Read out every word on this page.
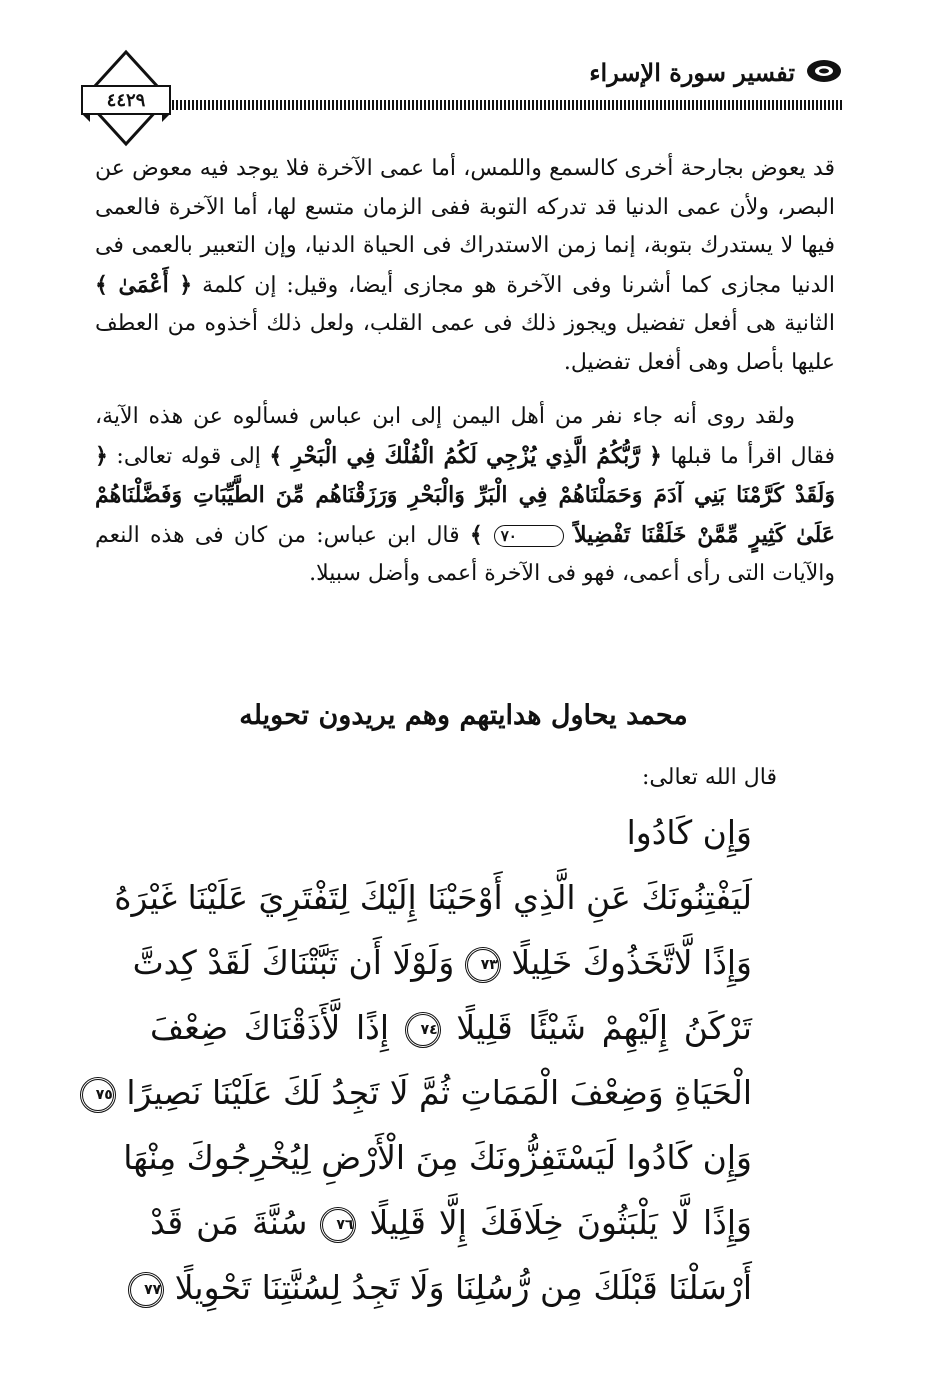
تفسير سورة الإسراء
٤٤٢٩

قد يعوض بجارحة أخرى كالسمع واللمس، أما عمى الآخرة فلا يوجد فيه معوض عن البصر، ولأن عمى الدنيا قد تدركه التوبة ففى الزمان متسع لها، أما الآخرة فالعمى فيها لا يستدرك بتوبة، إنما زمن الاستدراك فى الحياة الدنيا، وإن التعبير بالعمى فى الدنيا مجازى كما أشرنا وفى الآخرة هو مجازى أيضا، وقيل: إن كلمة ﴿ أَعْمَىٰ ﴾ الثانية هى أفعل تفضيل ويجوز ذلك فى عمى القلب، ولعل ذلك أخذوه من العطف عليها بأصل وهى أفعل تفضيل.

ولقد روى أنه جاء نفر من أهل اليمن إلى ابن عباس فسألوه عن هذه الآية، فقال اقرأ ما قبلها ﴿ رَّبُّكُمُ الَّذِي يُزْجِي لَكُمُ الْفُلْكَ فِي الْبَحْرِ ﴾ إلى قوله تعالى: ﴿ وَلَقَدْ كَرَّمْنَا بَنِي آدَمَ وَحَمَلْنَاهُمْ فِي الْبَرِّ وَالْبَحْرِ وَرَزَقْنَاهُم مِّنَ الطَّيِّبَاتِ وَفَضَّلْنَاهُمْ عَلَىٰ كَثِيرٍ مِّمَّنْ خَلَقْنَا تَفْضِيلاً ٧٠ ﴾ قال ابن عباس: من كان فى هذه النعم والآيات التى رأى أعمى، فهو فى الآخرة أعمى وأضل سبيلا.

محمد يحاول هدايتهم وهم يريدون تحويله
قال الله تعالى:
وَإِن كَادُوا
لَيَفْتِنُونَكَ عَنِ الَّذِي أَوْحَيْنَا إِلَيْكَ لِتَفْتَرِيَ عَلَيْنَا غَيْرَهُ
وَإِذًا لَّاتَّخَذُوكَ خَلِيلًا ٧٣ وَلَوْلَا أَن ثَبَّتْنَاكَ لَقَدْ كِدتَّ
تَرْكَنُ إِلَيْهِمْ شَيْئًا قَلِيلًا ٧٤ إِذًا لَّأَذَقْنَاكَ ضِعْفَ
الْحَيَاةِ وَضِعْفَ الْمَمَاتِ ثُمَّ لَا تَجِدُ لَكَ عَلَيْنَا نَصِيرًا ٧٥
وَإِن كَادُوا لَيَسْتَفِزُّونَكَ مِنَ الْأَرْضِ لِيُخْرِجُوكَ مِنْهَا
وَإِذًا لَّا يَلْبَثُونَ خِلَافَكَ إِلَّا قَلِيلًا ٧٦ سُنَّةَ مَن قَدْ
أَرْسَلْنَا قَبْلَكَ مِن رُّسُلِنَا وَلَا تَجِدُ لِسُنَّتِنَا تَحْوِيلًا ٧٧
